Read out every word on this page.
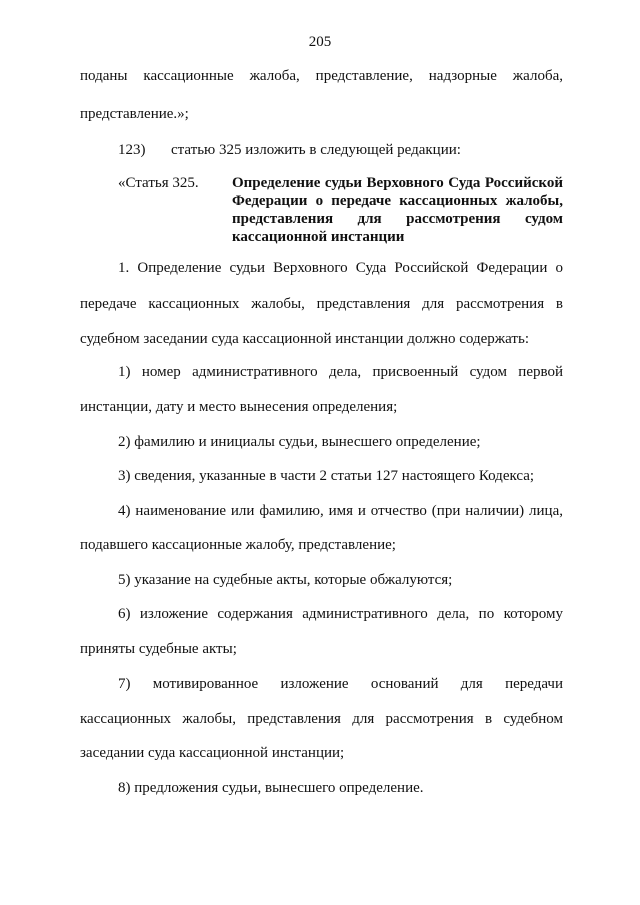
205
поданы кассационные жалоба, представление, надзорные жалоба,
представление.»;
123) статью 325 изложить в следующей редакции:
«Статья 325. Определение судьи Верховного Суда Российской
Федерации о передаче кассационных жалобы,
представления для рассмотрения судом
кассационной инстанции
1. Определение судьи Верховного Суда Российской Федерации о
передаче кассационных жалобы, представления для рассмотрения в
судебном заседании суда кассационной инстанции должно содержать:
1) номер административного дела, присвоенный судом первой
инстанции, дату и место вынесения определения;
2) фамилию и инициалы судьи, вынесшего определение;
3) сведения, указанные в части 2 статьи 127 настоящего Кодекса;
4) наименование или фамилию, имя и отчество (при наличии) лица,
подавшего кассационные жалобу, представление;
5) указание на судебные акты, которые обжалуются;
6) изложение содержания административного дела, по которому
приняты судебные акты;
7) мотивированное изложение оснований для передачи
кассационных жалобы, представления для рассмотрения в судебном
заседании суда кассационной инстанции;
8) предложения судьи, вынесшего определение.
